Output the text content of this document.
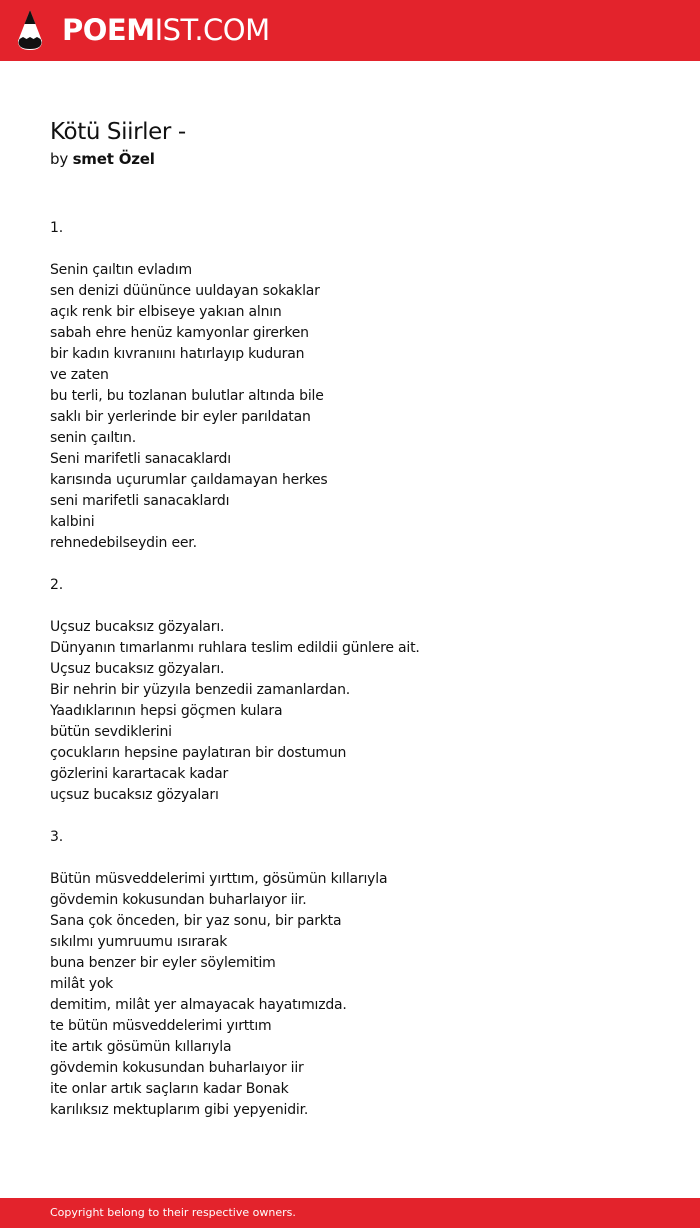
POEMIST.COM
Kötü Siirler -
by smet Özel
1.
Senin çaıltın evladım
sen denizi düününce uuldayan sokaklar
açık renk bir elbiseye yakıan alnın
sabah ehre henüz kamyonlar girerken
bir kadın kıvranıını hatırlayıp kuduran
ve zaten
bu terli, bu tozlanan bulutlar altında bile
saklı bir yerlerinde bir eyler parıldatan
senin çaıltın.
Seni marifetli sanacaklardı
karısında uçurumlar çaıldamayan herkes
seni marifetli sanacaklardı
kalbini
rehnedebilseydin eer.
2.
Uçsuz bucaksız gözyaları.
Dünyanın tımarlanmı ruhlara teslim edildii günlere ait.
Uçsuz bucaksız gözyaları.
Bir nehrin bir yüzyıla benzedii zamanlardan.
Yaadıklarının hepsi göçmen kulara
bütün sevdiklerini
çocukların hepsine paylatıran bir dostumun
gözlerini karartacak kadar
uçsuz bucaksız gözyaları
3.
Bütün müsveddelerimi yırttım, gösümün kıllarıyla
gövdemin kokusundan buharlaıyor iir.
Sana çok önceden, bir yaz sonu, bir parkta
sıkılmı yumruumu ısırarak
buna benzer bir eyler söylemitim
milât yok
demitim, milât yer almayacak hayatımızda.
te bütün müsveddelerimi yırttım
ite artık gösümün kıllarıyla
gövdemin kokusundan buharlaıyor iir
ite onlar artık saçların kadar Bonak
karılıksız mektuplarım gibi yepyenidir.
Copyright belong to their respective owners.
